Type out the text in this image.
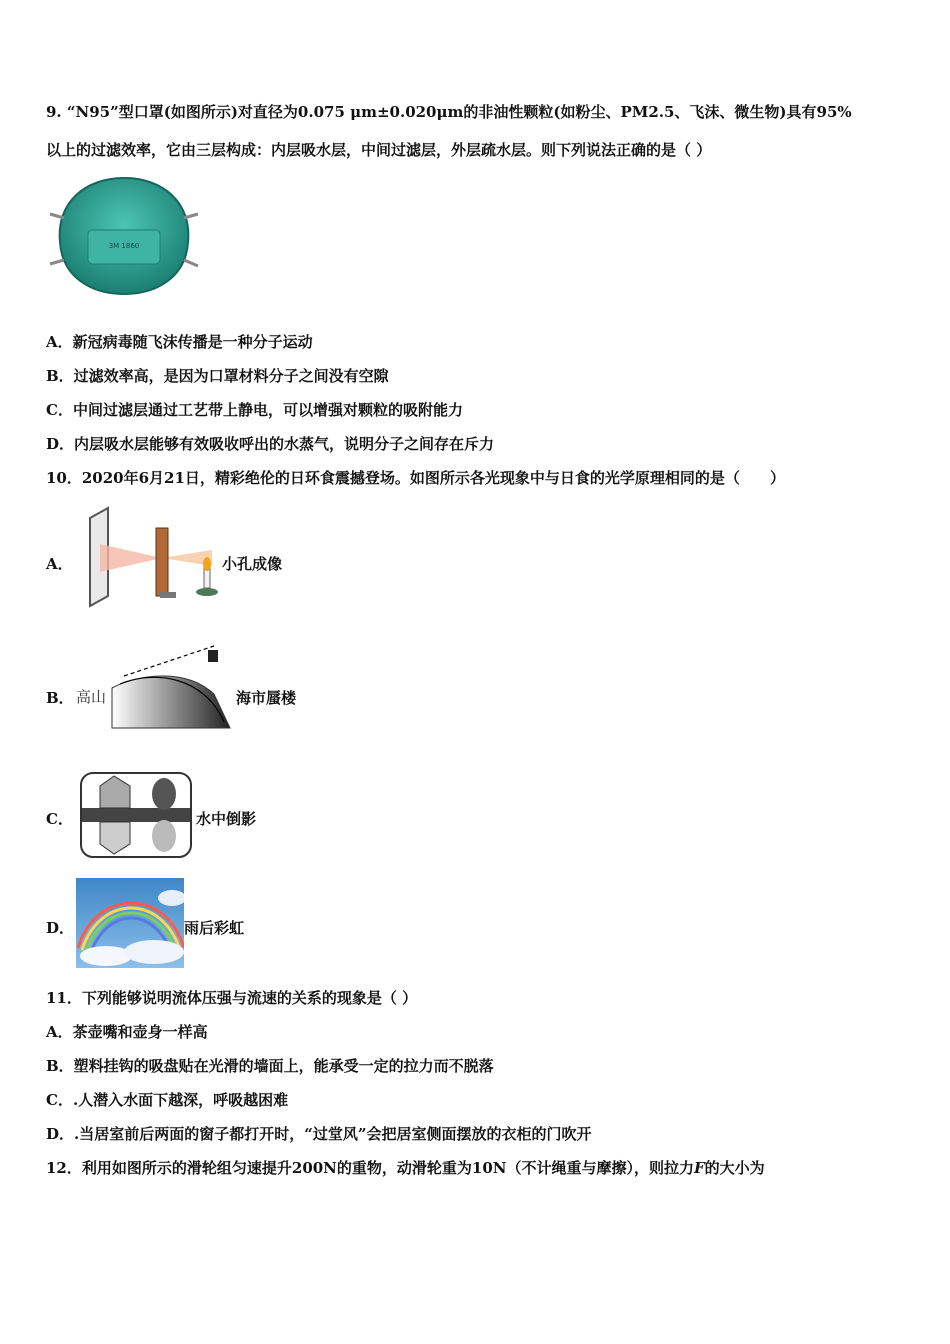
9. “N95”型口罩(如图所示)对直径为0.075 μm±0.020μm的非油性颗粒(如粉尘、PM2.5、飞沫、微生物)具有95%
以上的过滤效率，它由三层构成：内层吸水层，中间过滤层，外层疏水层。则下列说法正确的是（ ）
3M 1860
A．新冠病毒随飞沫传播是一种分子运动
B．过滤效率高，是因为口罩材料分子之间没有空隙
C．中间过滤层通过工艺带上静电，可以增强对颗粒的吸附能力
D．内层吸水层能够有效吸收呼出的水蒸气，说明分子之间存在斥力
10．2020年6月21日，精彩绝伦的日环食震撼登场。如图所示各光现象中与日食的光学原理相同的是（　　）
A．	小孔成像
B． 高山	海市蜃楼
C．	水中倒影
D．	雨后彩虹
11．下列能够说明流体压强与流速的关系的现象是（ ）
A．茶壶嘴和壶身一样高
B．塑料挂钩的吸盘贴在光滑的墙面上，能承受一定的拉力而不脱落
C．.人潜入水面下越深，呼吸越困难
D．.当居室前后两面的窗子都打开时，“过堂风”会把居室侧面摆放的衣柜的门吹开
12．利用如图所示的滑轮组匀速提升200N的重物，动滑轮重为10N（不计绳重与摩擦），则拉力F的大小为
